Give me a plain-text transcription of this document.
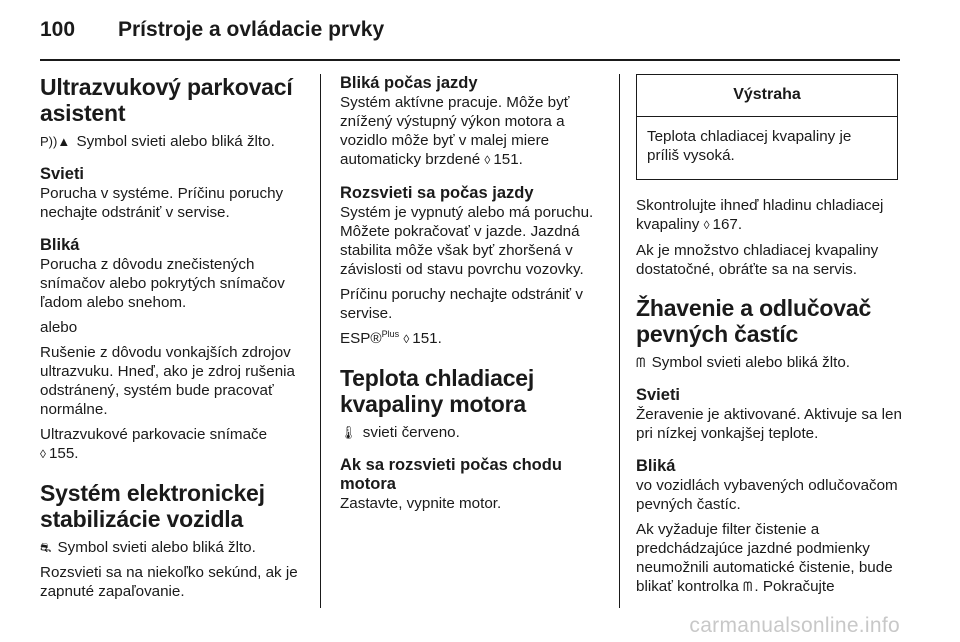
100	Prístroje a ovládacie prvky
Ultrazvukový parkovací asistent

P))▲ Symbol svieti alebo bliká žlto.

Svieti

Porucha v systéme. Príčinu poruchy nechajte odstrániť v servise.

Bliká

Porucha z dôvodu znečistených snímačov alebo pokrytých snímačov ľadom alebo snehom.

alebo

Rušenie z dôvodu vonkajších zdrojov ultrazvuku. Hneď, ako je zdroj rušenia odstránený, systém bude pracovať normálne.

Ultrazvukové parkovacie snímače
◊ 155.

Systém elektronickej stabilizácie vozidla

⛐ Symbol svieti alebo bliká žlto.

Rozsvieti sa na niekoľko sekúnd, ak je zapnuté zapaľovanie.

Bliká počas jazdy

Systém aktívne pracuje. Môže byť znížený výstupný výkon motora a vozidlo môže byť v malej miere automaticky brzdené ◊ 151.

Rozsvieti sa počas jazdy

Systém je vypnutý alebo má poruchu. Môžete pokračovať v jazde. Jazdná stabilita môže však byť zhoršená v závislosti od stavu povrchu vozovky.

Príčinu poruchy nechajte odstrániť v servise.

ESP®$^{Plus}$ ◊ 151.

Teplota chladiacej kvapaliny motora

🌡 svieti červeno.

Ak sa rozsvieti počas chodu motora

Zastavte, vypnite motor.

Výstraha
Teplota chladiacej kvapaliny je príliš vysoká.

Skontrolujte ihneď hladinu chladiacej kvapaliny ◊ 167.

Ak je množstvo chladiacej kvapaliny dostatočné, obráťte sa na servis.

Žhavenie a odlučovač pevných častíc

ᗰ Symbol svieti alebo bliká žlto.

Svieti

Žeravenie je aktivované. Aktivuje sa len pri nízkej vonkajšej teplote.

Bliká

vo vozidlách vybavených odlučovačom pevných častíc.

Ak vyžaduje filter čistenie a predchádzajúce jazdné podmienky neumožnili automatické čistenie, bude blikať kontrolka ᗰ . Pokračujte

carmanualsonline.info
